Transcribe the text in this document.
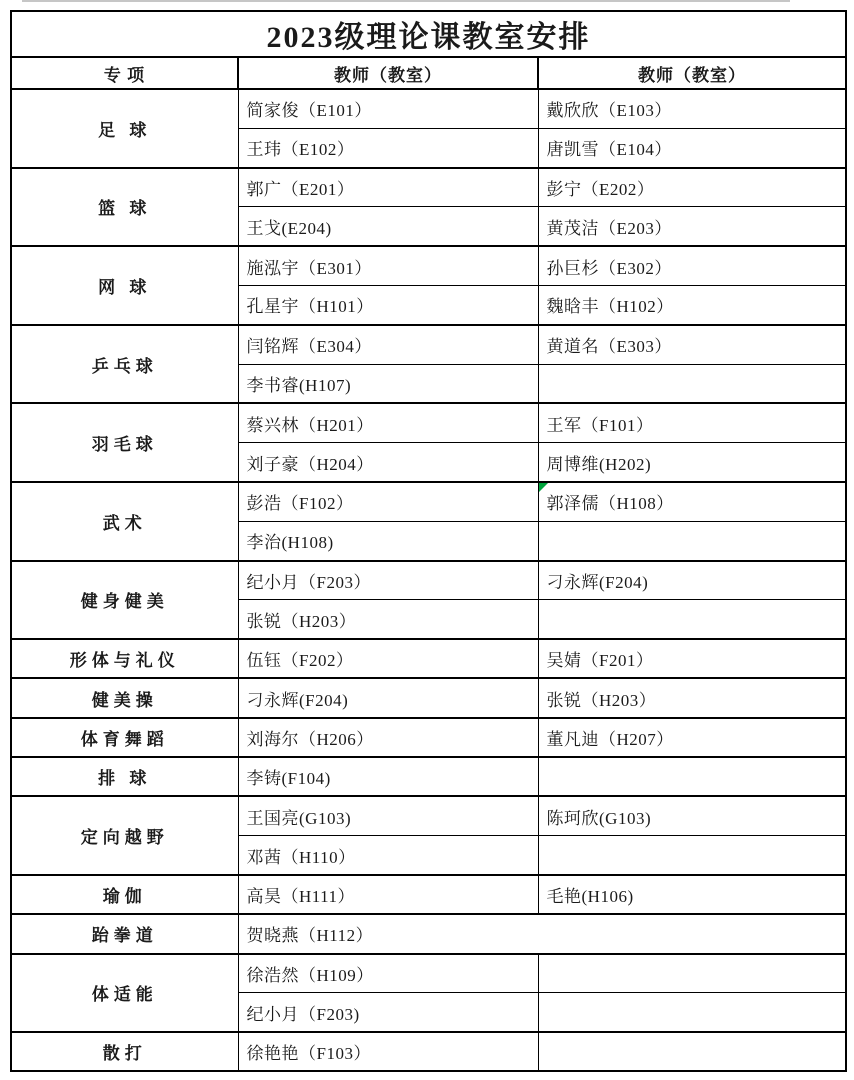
2023级理论课教室安排		
专 项	教师（教室）	教师（教室）
足 球	简家俊（E101）	戴欣欣（E103）
	王玮（E102）	唐凯雪（E104）
篮 球	郭广（E201）	彭宁（E202）
	王戈(E204)	黄茂洁（E203）
网 球	施泓宇（E301）	孙巨杉（E302）
	孔星宇（H101）	魏晗丰（H102）
乒乓球	闫铭辉（E304）	黄道名（E303）
	李书睿(H107)	
羽毛球	蔡兴林（H201）	王军（F101）
	刘子豪（H204）	周博维(H202)
武术	彭浩（F102）	郭泽儒（H108）

	李治(H108)	
健身健美	纪小月（F203）	刁永辉(F204)
	张锐（H203）	
形体与礼仪	伍钰（F202）	吴婧（F201）
健美操	刁永辉(F204)	张锐（H203）
体育舞蹈	刘海尔（H206）	董凡迪（H207）
排 球	李铸(F104)	
定向越野	王国亮(G103)	陈珂欣(G103)
	邓茜（H110）	
瑜伽	高昊（H111）	毛艳(H106)
跆拳道	贺晓燕（H112）	
体适能	徐浩然（H109）	
	纪小月（F203)	
散打	徐艳艳（F103）	
